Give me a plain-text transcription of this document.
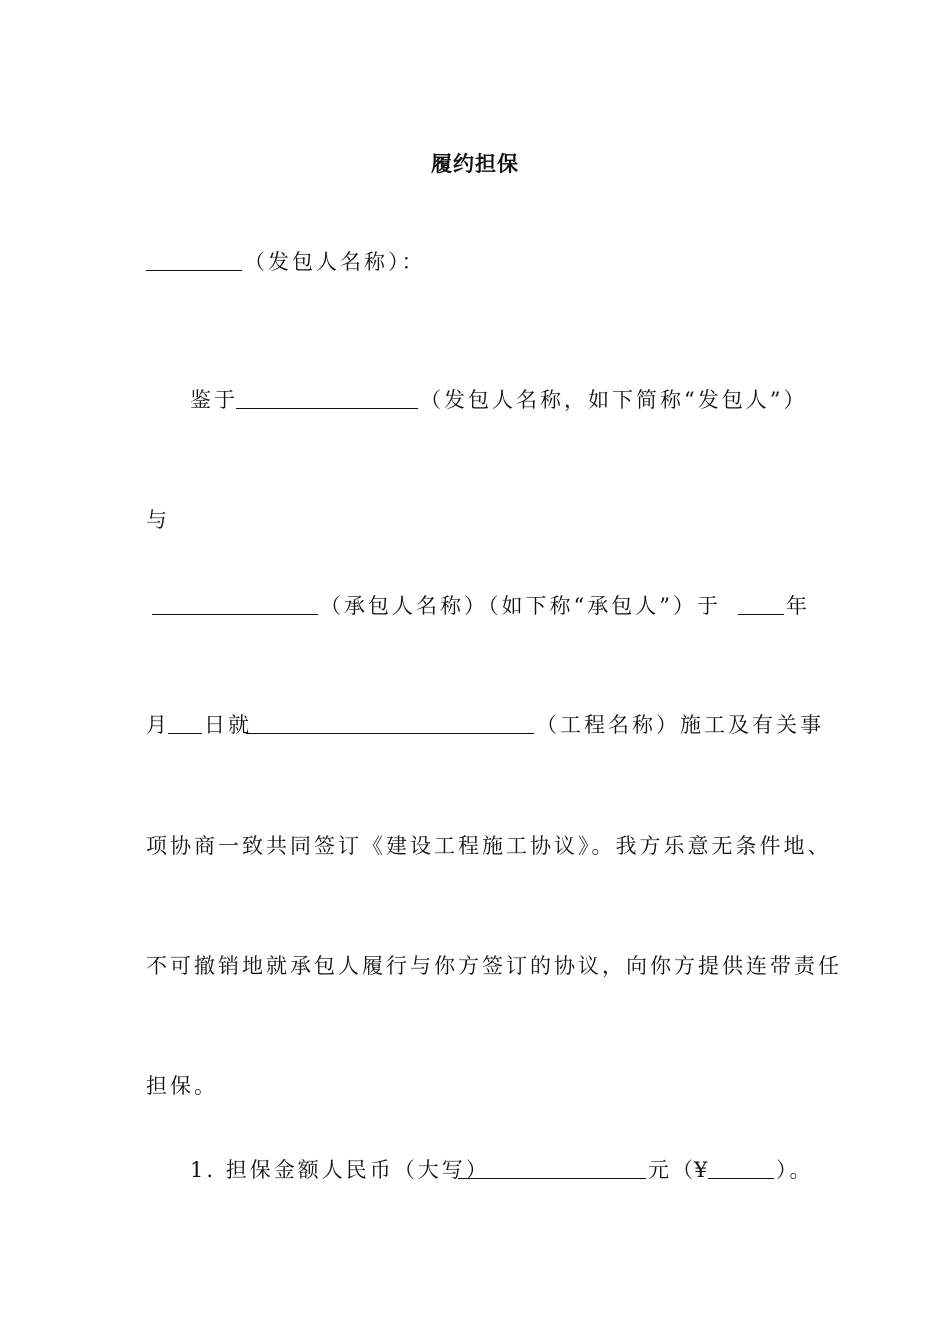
履约担保
（发包人名称）：
鉴于	（发包人名称，如下简称“发包人”）
与
（承包人名称）（如下称“承包人”）于	年
月 日就	（工程名称）施工及有关事
项协商一致共同签订《建设工程施工协议》。我方乐意无条件地、
不可撤销地就承包人履行与你方签订的协议，向你方提供连带责任
担保。
1. 担保金额人民币（大写）	元（
¥	）。
